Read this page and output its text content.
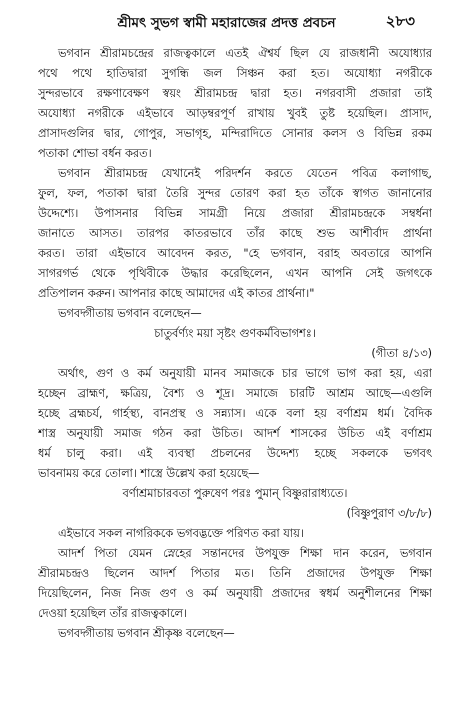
শ্রীমৎ সুভগ স্বামী মহারাজের প্রদত্ত প্রবচন	২৮৩
ভগবান শ্রীরামচন্দ্রের রাজত্বকালে এতই ঐশ্বর্য ছিল যে রাজধানী অযোধ্যার
পথে পথে হাতিদ্বারা সুগন্ধি জল সিঞ্চন করা হত। অযোধ্যা নগরীকে
সুন্দরভাবে রক্ষণাবেক্ষণ স্বয়ং শ্রীরামচন্দ্র দ্বারা হত। নগরবাসী প্রজারা তাই
অযোধ্যা নগরীকে এইভাবে আড়ম্বরপূর্ণ রাখায় খুবই তুষ্ট হয়েছিল। প্রাসাদ,
প্রাসাদগুলির দ্বার, গোপুর, সভাগৃহ, মন্দিরাদিতে সোনার কলস ও বিভিন্ন রকম
পতাকা শোভা বর্ধন করত।
ভগবান শ্রীরামচন্দ্র যেখানেই পরিদর্শন করতে যেতেন পবিত্র কলাগাছ,
ফুল, ফল, পতাকা দ্বারা তৈরি সুন্দর তোরণ করা হত তাঁকে স্বাগত জানানোর
উদ্দেশ্যে। উপাসনার বিভিন্ন সামগ্রী নিয়ে প্রজারা শ্রীরামচন্দ্রকে সম্বর্ধনা
জানাতে আসত। তারপর কাতরভাবে তাঁর কাছে শুভ আশীর্বাদ প্রার্থনা
করত। তারা এইভাবে আবেদন করত, "হে ভগবান, বরাহ অবতারে আপনি
সাগরগর্ভ থেকে পৃথিবীকে উদ্ধার করেছিলেন, এখন আপনি সেই জগৎকে
প্রতিপালন করুন। আপনার কাছে আমাদের এই কাতর প্রার্থনা।"
ভগবদ্গীতায় ভগবান বলেছেন—
চাতুর্বর্ণ্যং ময়া সৃষ্টং গুণকর্মবিভাগশঃ।
(গীতা ৪/১৩)
অর্থাৎ, গুণ ও কর্ম অনুযায়ী মানব সমাজকে চার ভাগে ভাগ করা হয়, এরা
হচ্ছেন ব্রাহ্মণ, ক্ষত্রিয়, বৈশ্য ও শূদ্র। সমাজে চারটি আশ্রম আছে—এগুলি
হচ্ছে ব্রহ্মচর্য, গার্হস্থ্য, বানপ্রস্থ ও সন্ন্যাস। একে বলা হয় বর্ণাশ্রম ধর্ম। বৈদিক
শাস্ত্র অনুযায়ী সমাজ গঠন করা উচিত। আদর্শ শাসকের উচিত এই বর্ণাশ্রম
ধর্ম চালু করা। এই ব্যবস্থা প্রচলনের উদ্দেশ্য হচ্ছে সকলকে ভগবৎ
ভাবনাময় করে তোলা। শাস্ত্রে উল্লেখ করা হয়েছে—
বর্ণাশ্রমাচারবতা পুরুষেণ পরঃ পুমান্ বিষ্ণুরারাধ্যতে।
(বিষ্ণুপুরাণ ৩/৮/৮)
এইভাবে সকল নাগরিককে ভগবদ্ভক্তে পরিণত করা যায়।
আদর্শ পিতা যেমন স্নেহের সন্তানদের উপযুক্ত শিক্ষা দান করেন, ভগবান
শ্রীরামচন্দ্রও ছিলেন আদর্শ পিতার মত। তিনি প্রজাদের উপযুক্ত শিক্ষা
দিয়েছিলেন, নিজ নিজ গুণ ও কর্ম অনুযায়ী প্রজাদের স্বধর্ম অনুশীলনের শিক্ষা
দেওয়া হয়েছিল তাঁর রাজত্বকালে।
ভগবদ্গীতায় ভগবান শ্রীকৃষ্ণ বলেছেন—
